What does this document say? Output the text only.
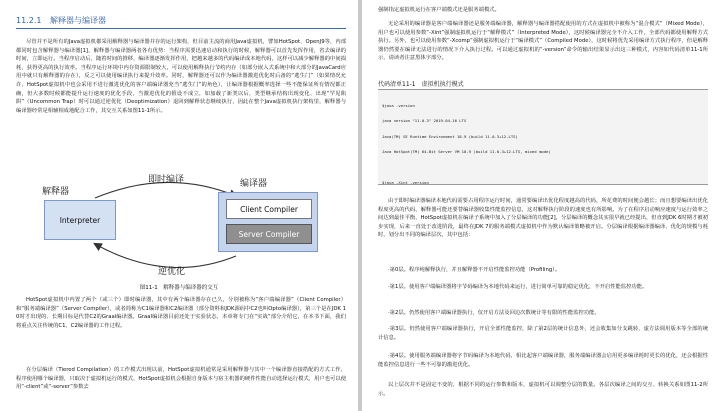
11.2.1 解释器与编译器
尽管并不是所有的Java虚拟机都采用解释器与编译器并存的运行架构，但目前主流的商用Java虚拟机，譬如HotSpot、OpenJ9等，内部都同时包含解释器与编译器[1]，解释器与编译器两者各有优势：当程序需要迅速启动和执行的时候，解释器可以首先发挥作用，省去编译的时间，立即运行。当程序启动后，随着时间的推移，编译器逐渐发挥作用，把越来越多的代码编译成本地代码，这样可以减少解释器的中间损耗，获得更高的执行效率。当程序运行环境中内存资源限制较大，可以使用解释执行节约内存（如部分嵌入式系统中和大部分的JavaCard应用中就只有解释器的存在），反之可以使用编译执行来提升效率。同时，解释器还可以作为编译器激进优化时后备的“逃生门”（如果情况允许，HotSpot虚拟机中也会采用不进行激进优化的客户端编译器充当“逃生门”的角色），让编译器根据概率选择一些不能保证所有情况都正确，但大多数时候都能提升运行速度的优化手段，当激进优化的假设不成立，如加载了新类以后，类型继承结构出现变化、出现“罕见陷阱”（Uncommon Trap）时可以通过逆优化（Deoptimization）退回到解释状态继续执行，因此在整个Java虚拟机执行架构里，解释器与编译器经常是相辅相成地配合工作，其交互关系如图11-1所示。
即时编译
解释器
编译器
Interpreter
Client Compiler
Server Compiler
逆优化
图11-1　解释器与编译器的交互
HotSpot虚拟机中内置了两个（或三个）即时编译器，其中有两个编译器存在已久，分别被称为“客户端编译器”（Client Compiler）和“服务端编译器”（Server Compiler），或者简称为C1编译器和C2编译器（部分资料和JDK源码中C2也叫Opto编译器），第三个是在JDK 10时才出现的、长期目标是代替C2的Graal编译器。Graal编译器目前还处于实验状态，本章将专门在“实战”部分介绍它，在本书下面，我们将重点关注传统的C1、C2编译器的工作过程。
在分层编译（Tiered Compilation）的工作模式出现以前，HotSpot虚拟机通常是采用解释器与其中一个编译器直接搭配的方式工作，程序使用哪个编译器，只取决于虚拟机运行的模式，HotSpot虚拟机会根据自身版本与宿主机器的硬件性能自动选择运行模式，用户也可以使用“-client”或“-server”参数去
强制指定虚拟机运行在客户端模式还是服务端模式。
无论采用的编译器是客户端编译器还是服务端编译器，解释器与编译器搭配使用的方式在虚拟机中被称为“混合模式”（Mixed Mode），用户也可以使用参数“-Xint”强制虚拟机运行于“解释模式”（Interpreted Mode），这时候编译器完全不介入工作，全部代码都使用解释方式执行。另外，也可以使用参数“-Xcomp”强制虚拟机运行于“编译模式”（Compiled Mode），这时候将优先采用编译方式执行程序，但是解释器仍然要在编译无法进行的情况下介入执行过程。可以通过虚拟机的“-version”命令的输出结果显示出这三种模式，内容如代码清单11-1所示，请读者注意黑体字部分。
代码清单11-1　虚拟机执行模式

$java -version

java version "11.0.3" 2019-04-16 LTS

Java(TM) SE Runtime Environment 18.9 (build 11.0.3+12-LTS)

Java HotSpot(TM) 64-Bit Server VM 18.9 (build 11.0.3+12-LTS, mixed mode)

$java -Xint -version

由于即时编译器编译本地代码需要占用程序运行时间，通常要编译出优化程度越高的代码，所花费的时间便会越长；而且想要编译出优化程度更高的代码，解释器可能还要替编译器收集性能监控信息，这对解释执行阶段的速度也有所影响。为了在程序启动响应速度与运行效率之间达到最佳平衡，HotSpot虚拟机在编译子系统中加入了分层编译的功能[2]，分层编译的概念其实很早就已经提出，但直到JDK 6时期才被初步实现，后来一直处于改进阶段，最终在JDK 7的服务端模式虚拟机中作为默认编译策略被开启。分层编译根据编译器编译、优化的规模与耗时，划分出不同的编译层次，其中包括：
·第0层。程序纯解释执行，并且解释器不开启性能监控功能（Profiling）。
·第1层。使用客户端编译器将字节码编译为本地代码来运行，进行简单可靠的稳定优化，不开启性能监控功能。
·第2层。仍然使用客户端编译器执行，仅开启方法及回边次数统计等有限的性能监控功能。
·第3层。仍然使用客户端编译器执行，开启全部性能监控，除了第2层的统计信息外，还会收集如分支跳转、虚方法调用版本等全部的统计信息。
·第4层。使用服务端编译器将字节码编译为本地代码，相比起客户端编译器，服务端编译器会启用更多编译耗时更长的优化，还会根据性能监控信息进行一些不可靠的激进优化。
以上层次并不是固定不变的，根据不同的运行参数和版本，虚拟机可以调整分层的数量。各层次编译之间的交互、转换关系如图11-2所示。
